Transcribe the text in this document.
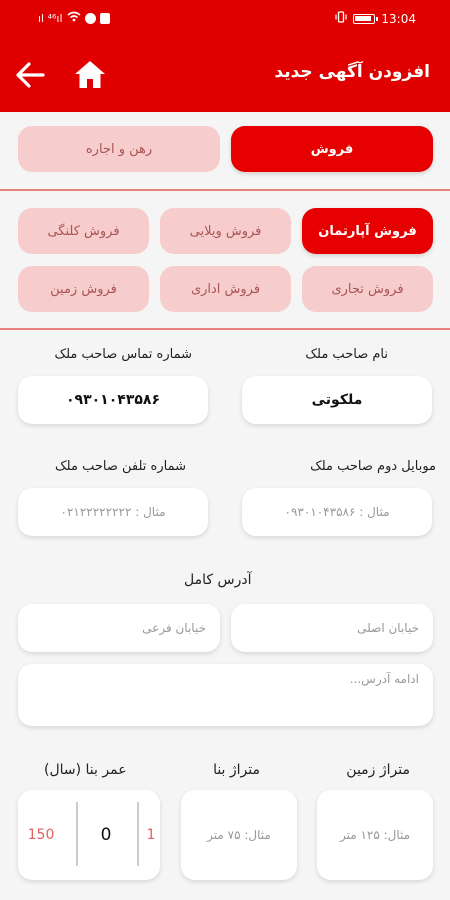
ıl ⁴⁶ıl	13:04
افزودن آگهی جدید
فروش
رهن و اجاره
فروش آپارتمان
فروش ویلایی
فروش کلنگی
فروش تجاری
فروش اداری
فروش زمین
نام صاحب ملک
ملکوتی
شماره تماس صاحب ملک
۰۹۳۰۱۰۴۳۵۸۶
موبایل دوم صاحب ملک
مثال : ۰۹۳۰۱۰۴۳۵۸۶
شماره تلفن صاحب ملک
مثال : ۰۲۱۲۲۲۲۲۲۲۲
آدرس کامل
خیابان اصلی
خیابان فرعی
ادامه آدرس...
متراژ زمین
مثال: ۱۲۵ متر
متراژ بنا
مثال: ۷۵ متر
عمر بنا (سال)
150	0	1
